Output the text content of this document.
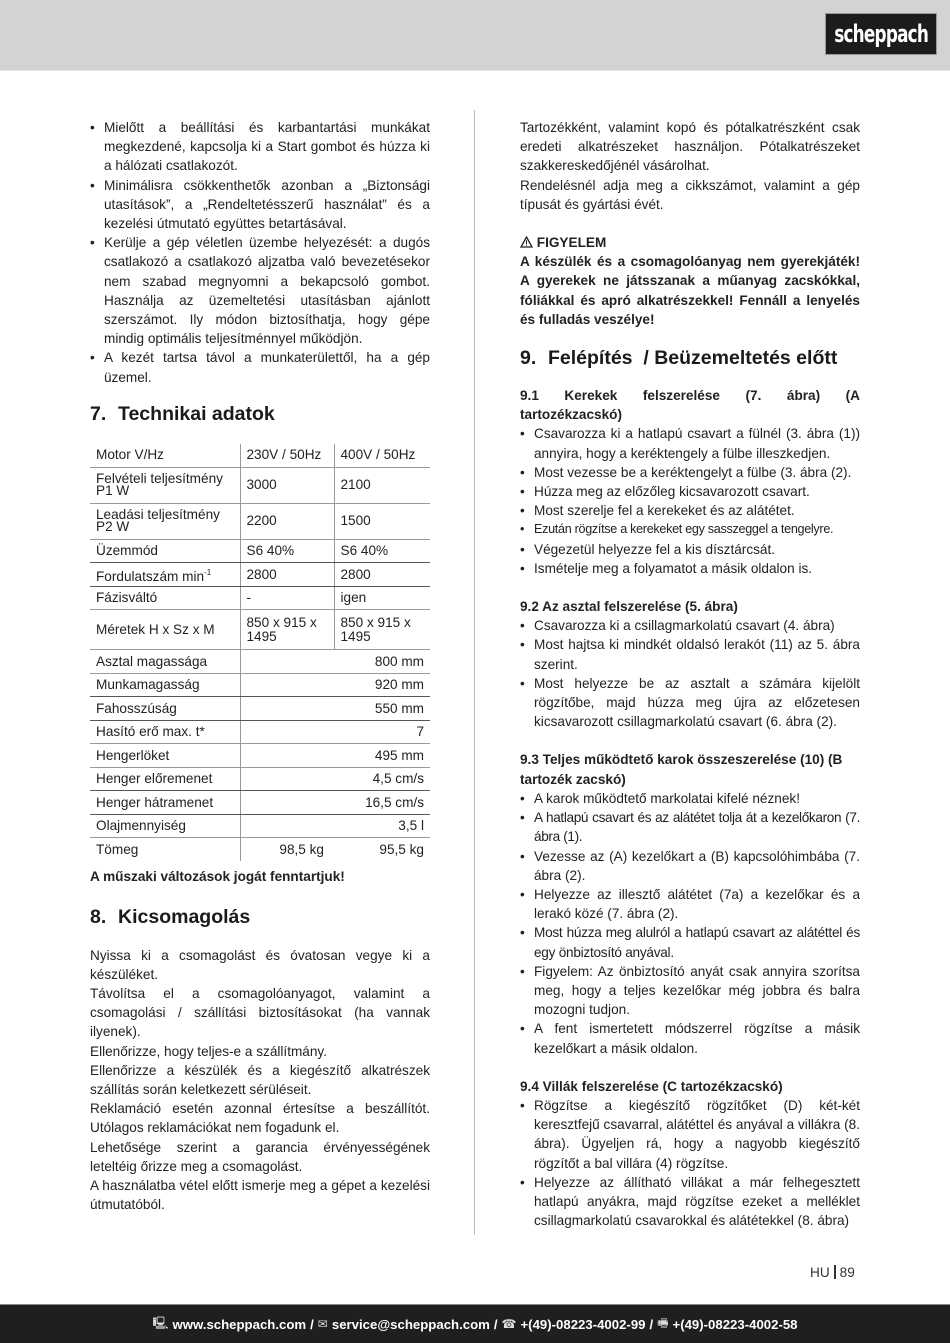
scheppach
• Mielőtt a beállítási és karbantartási munkákat megkezdené, kapcsolja ki a Start gombot és húzza ki a hálózati csatlakozót.
• Minimálisra csökkenthetők azonban a „Biztonsági utasítások”, a „Rendeltetésszerű használat” és a kezelési útmutató együttes betartásával.
• Kerülje a gép véletlen üzembe helyezését: a dugós csatlakozó a csatlakozó aljzatba való bevezetésekor nem szabad megnyomni a bekapcsoló gombot. Használja az üzemeltetési utasításban ajánlott szerszámot. Ily módon biztosíthatja, hogy gépe mindig optimális teljesítménnyel működjön.
• A kezét tartsa távol a munkaterülettől, ha a gép üzemel.
7. Technikai adatok
Motor V/Hz	230V / 50Hz	400V / 50Hz
Felvételi teljesítmény P1 W	3000	2100
Leadási teljesítmény P2 W	2200	1500
Üzemmód	S6 40%	S6 40%
Fordulatszám $\min^{-1}$	2800	2800
Fázisváltó	-	igen
Méretek H x Sz x M	850 x 915 x 1495	850 x 915 x 1495
Asztal magassága	800 mm	
Munkamagasság	920 mm	
Fahosszúság	550 mm	
Hasító erő max. t*	7	
Hengerlöket	495 mm	
Henger előremenet	4,5 cm/s	
Henger hátramenet	16,5 cm/s	
Olajmennyiség	3,5 l	
Tömeg	98,5 kg	95,5 kg
A műszaki változások jogát fenntartjuk!
8. Kicsomagolás

Nyissa ki a csomagolást és óvatosan vegye ki a készüléket.

Távolítsa el a csomagolóanyagot, valamint a csomagolási / szállítási biztosításokat (ha vannak ilyenek).

Ellenőrizze, hogy teljes-e a szállítmány.

Ellenőrizze a készülék és a kiegészítő alkatrészek szállítás során keletkezett sérüléseit.

Reklamáció esetén azonnal értesítse a beszállítót. Utólagos reklamációkat nem fogadunk el.

Lehetősége szerint a garancia érvényességének leteltéig őrizze meg a csomagolást.

A használatba vétel előtt ismerje meg a gépet a kezelési útmutatóból.

Tartozékként, valamint kopó és pótalkatrészként csak eredeti alkatrészeket használjon. Pótalkatrészeket szakkereskedőjénél vásárolhat.

Rendelésnél adja meg a cikkszámot, valamint a gép típusát és gyártási évét.

FIGYELEM
A készülék és a csomagolóanyag nem gyerekjáték! A gyerekek ne játsszanak a műanyag zacskókkal, fóliákkal és apró alkatrészekkel! Fennáll a lenyelés és fulladás veszélye!
9. Felépítés  / Beüzemeltetés előtt
9.1 Kerekek felszerelése (7. ábra) (A
tartozékzacskó)
• Csavarozza ki a hatlapú csavart a fülnél (3. ábra (1)) annyira, hogy a keréktengely a fülbe illeszkedjen.
• Most vezesse be a keréktengelyt a fülbe (3. ábra (2).
• Húzza meg az előzőleg kicsavarozott csavart.
• Most szerelje fel a kerekeket és az alátétet.
• Ezután rögzítse a kerekeket egy sasszeggel a tengelyre.
• Végezetül helyezze fel a kis dísztárcsát.
• Ismételje meg a folyamatot a másik oldalon is.
9.2 Az asztal felszerelése (5. ábra)
• Csavarozza ki a csillagmarkolatú csavart (4. ábra)
• Most hajtsa ki mindkét oldalsó lerakót (11) az 5. ábra szerint.
• Most helyezze be az asztalt a számára kijelölt rögzítőbe, majd húzza meg újra az előzetesen kicsavarozott csillagmarkolatú csavart (6. ábra (2).
9.3 Teljes működtető karok összeszerelése (10) (B tartozék zacskó)
• A karok működtető markolatai kifelé néznek!
• A hatlapú csavart és az alátétet tolja át a kezelőkaron (7. ábra (1).
• Vezesse az (A) kezelőkart a (B) kapcsolóhimbába (7. ábra (2).
• Helyezze az illesztő alátétet (7a) a kezelőkar és a lerakó közé (7. ábra (2).
• Most húzza meg alulról a hatlapú csavart az alátéttel és egy önbiztosító anyával.
• Figyelem: Az önbiztosító anyát csak annyira szorítsa meg, hogy a teljes kezelőkar még jobbra és balra mozogni tudjon.
• A fent ismertetett módszerrel rögzítse a másik kezelőkart a másik oldalon.
9.4 Villák felszerelése (C tartozékzacskó)
• Rögzítse a kiegészítő rögzítőket (D) két-két keresztfejű csavarral, alátéttel és anyával a villákra (8. ábra). Ügyeljen rá, hogy a nagyobb kiegészítő rögzítőt a bal villára (4) rögzítse.
• Helyezze az állítható villákat a már felhegesztett hatlapú anyákra, majd rögzítse ezeket a melléklet csillagmarkolatú csavarokkal és alátétekkel (8. ábra)
HU 89
🖳︎ www.scheppach.com / ✉︎ service@scheppach.com / ☎︎ +(49)-08223-4002-99 / 🖷︎ +(49)-08223-4002-58
